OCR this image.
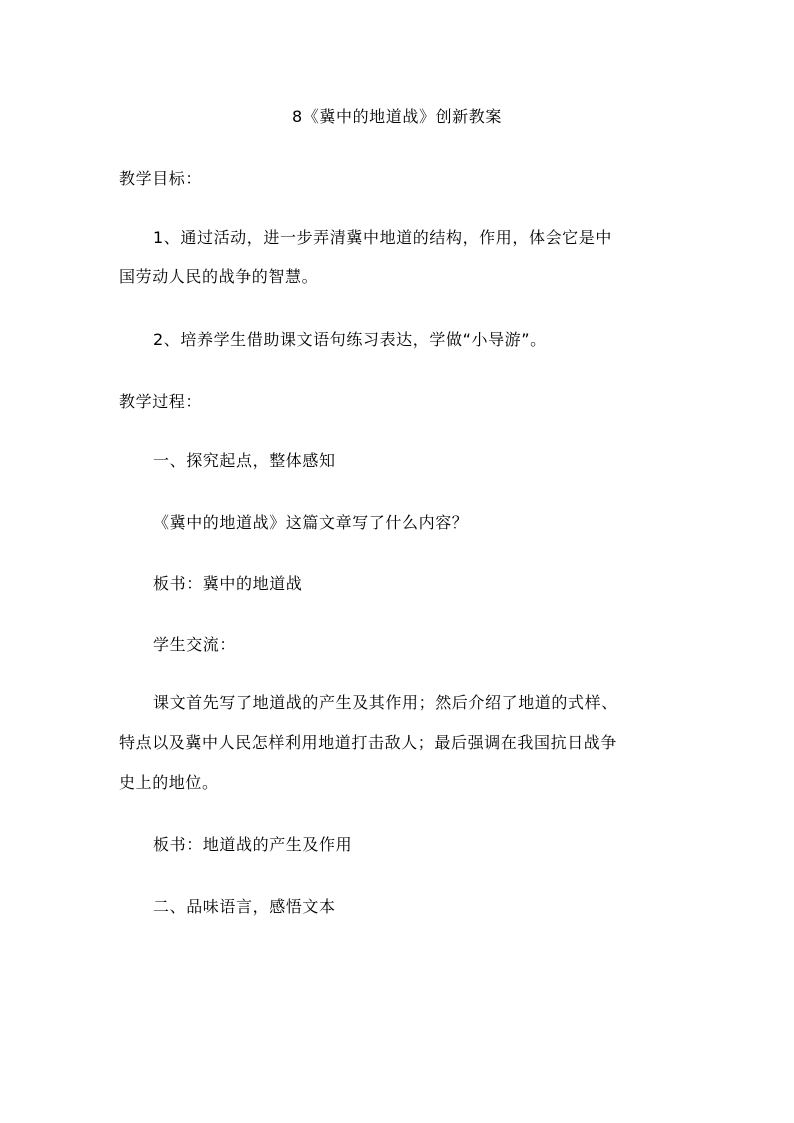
8《冀中的地道战》创新教案
教学目标：
1、通过活动，进一步弄清冀中地道的结构，作用，体会它是中
国劳动人民的战争的智慧。
2、培养学生借助课文语句练习表达，学做“小导游”。
教学过程：
一、探究起点，整体感知
《冀中的地道战》这篇文章写了什么内容？
板书：冀中的地道战
学生交流：
课文首先写了地道战的产生及其作用；然后介绍了地道的式样、
特点以及冀中人民怎样利用地道打击敌人；最后强调在我国抗日战争
史上的地位。
板书：地道战的产生及作用
二、品味语言，感悟文本
